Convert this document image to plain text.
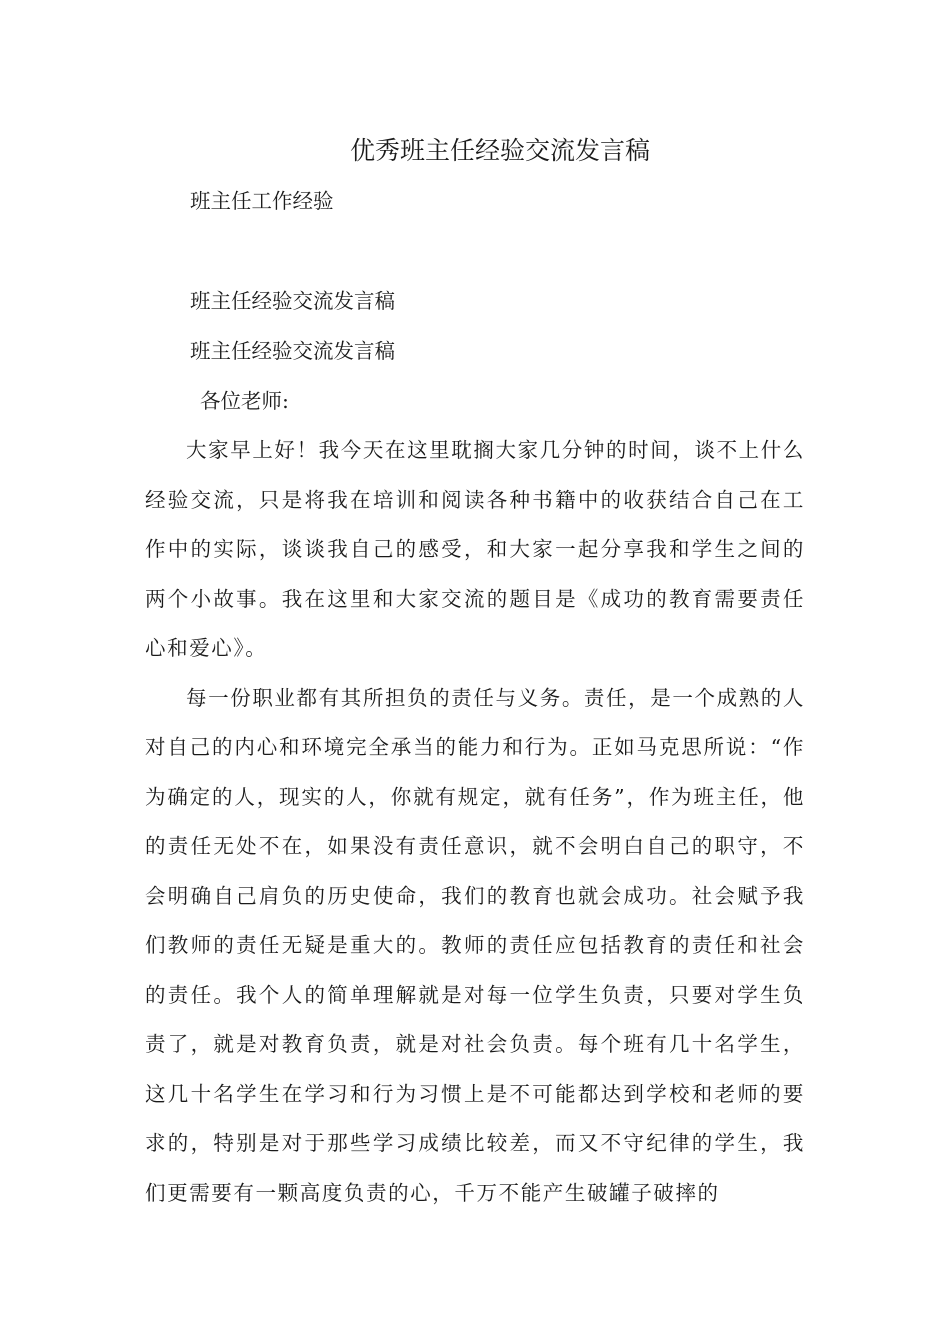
优秀班主任经验交流发言稿
班主任工作经验
班主任经验交流发言稿
班主任经验交流发言稿
各位老师:

大家早上好！我今天在这里耽搁大家几分钟的时间，谈不上什么经验交流，只是将我在培训和阅读各种书籍中的收获结合自己在工作中的实际，谈谈我自己的感受，和大家一起分享我和学生之间的两个小故事。我在这里和大家交流的题目是《成功的教育需要责任心和爱心》。

每一份职业都有其所担负的责任与义务。责任，是一个成熟的人对自己的内心和环境完全承当的能力和行为。正如马克思所说：“作为确定的人，现实的人，你就有规定，就有任务”，作为班主任，他的责任无处不在，如果没有责任意识，就不会明白自己的职守，不会明确自己肩负的历史使命，我们的教育也就会成功。社会赋予我们教师的责任无疑是重大的。教师的责任应包括教育的责任和社会的责任。我个人的简单理解就是对每一位学生负责，只要对学生负责了，就是对教育负责，就是对社会负责。每个班有几十名学生，这几十名学生在学习和行为习惯上是不可能都达到学校和老师的要求的，特别是对于那些学习成绩比较差，而又不守纪律的学生，我们更需要有一颗高度负责的心，千万不能产生破罐子破摔的
